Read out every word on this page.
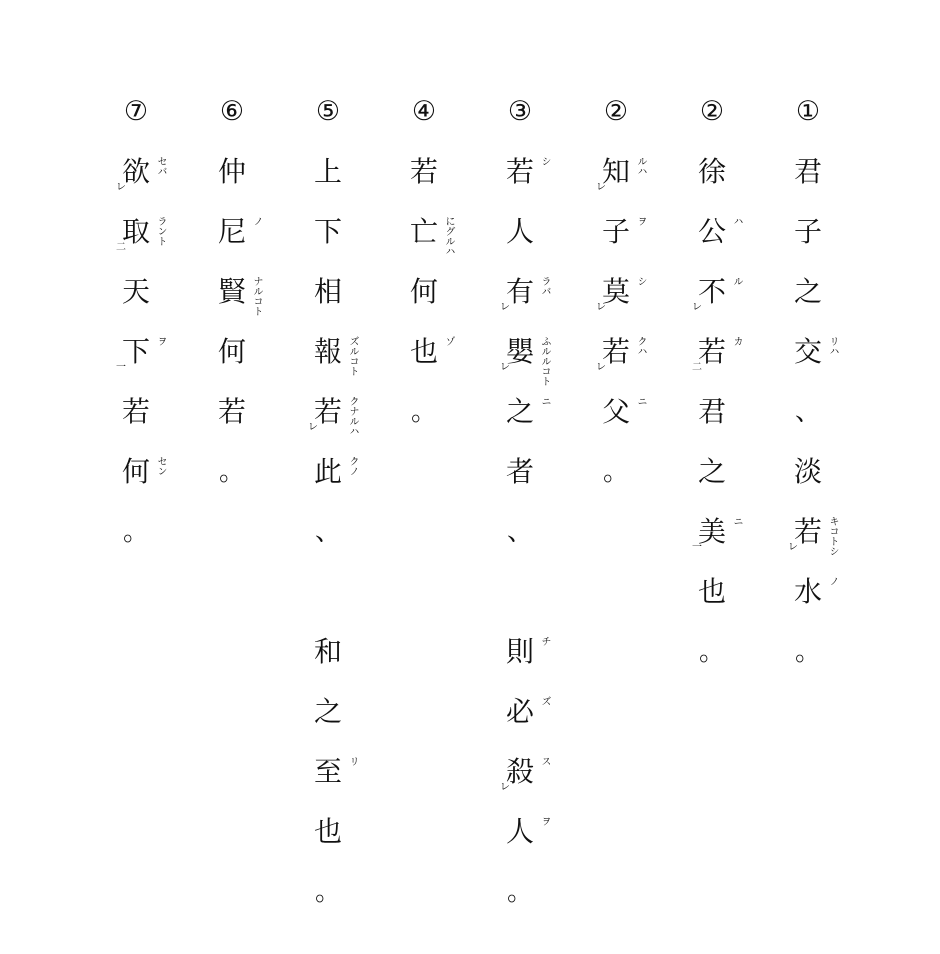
①
君
子
之
交 リハ
、
淡
若 キコトシ
レ
水 ノ
。
②
徐
公 ハ
不 ル
レ
若 カ
二
君
之
美 ニ
一
也
。
②
知 ルハ
レ
子 ヲ
莫 シ
レ
若 クハ
レ
父 ニ
。
③
若 シ
人
有 ラバ
レ
嬰 ふルルコト
レ
之 ニ
者
、
則 チ
必 ズ
殺 ス
レ
人 ヲ
。
④
若
亡 にグルハ
何
也 ゾ
。
⑤
上
下
相
報 ズルコト
若 クナルハ
レ
此 クノ
、
和
之
至 リ
也
。
⑥
仲
尼 ノ
賢 ナルコト
何
若
。
⑦
欲 セバ
レ
取 ラント
二
天
下 ヲ
一
若
何 セン
。
